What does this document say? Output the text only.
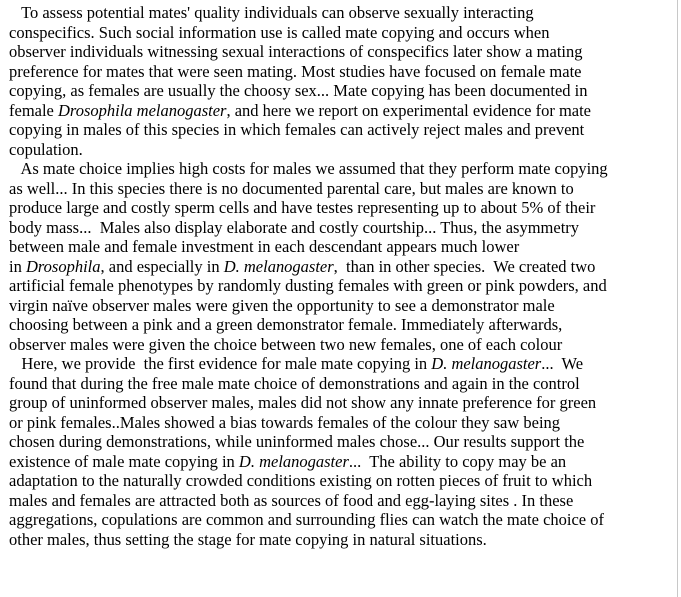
To assess potential mates' quality individuals can observe sexually interacting
conspecifics. Such social information use is called mate copying and occurs when
observer individuals witnessing sexual interactions of conspecifics later show a mating
preference for mates that were seen mating. Most studies have focused on female mate
copying, as females are usually the choosy sex... Mate copying has been documented in
female Drosophila melanogaster, and here we report on experimental evidence for mate
copying in males of this species in which females can actively reject males and prevent
copulation.
As mate choice implies high costs for males we assumed that they perform mate copying
as well... In this species there is no documented parental care, but males are known to
produce large and costly sperm cells and have testes representing up to about 5% of their
body mass...  Males also display elaborate and costly courtship... Thus, the asymmetry
between male and female investment in each descendant appears much lower
in Drosophila, and especially in D. melanogaster,  than in other species.  We created two
artificial female phenotypes by randomly dusting females with green or pink powders, and
virgin naïve observer males were given the opportunity to see a demonstrator male
choosing between a pink and a green demonstrator female. Immediately afterwards,
observer males were given the choice between two new females, one of each colour
Here, we provide  the first evidence for male mate copying in D. melanogaster...  We
found that during the free male mate choice of demonstrations and again in the control
group of uninformed observer males, males did not show any innate preference for green
or pink females..Males showed a bias towards females of the colour they saw being
chosen during demonstrations, while uninformed males chose... Our results support the
existence of male mate copying in D. melanogaster...  The ability to copy may be an
adaptation to the naturally crowded conditions existing on rotten pieces of fruit to which
males and females are attracted both as sources of food and egg-laying sites . In these
aggregations, copulations are common and surrounding flies can watch the mate choice of
other males, thus setting the stage for mate copying in natural situations.
